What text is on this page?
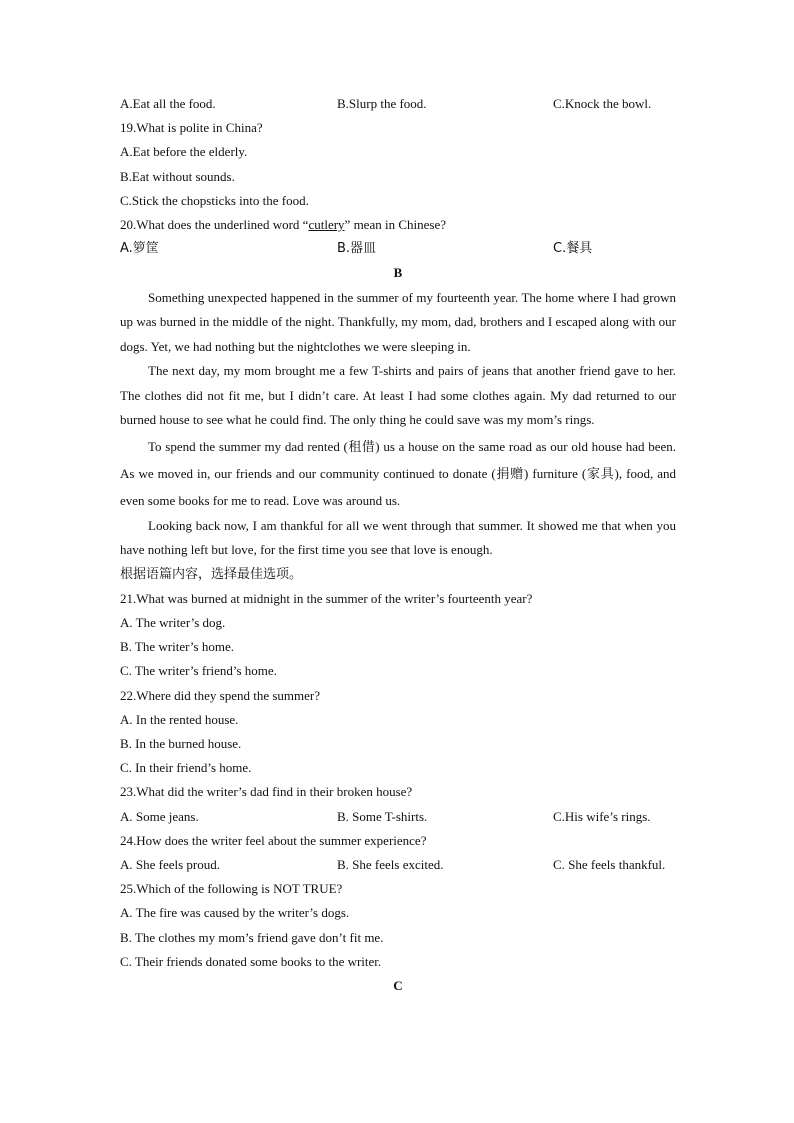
A.Eat all the food.	B.Slurp the food.	C.Knock the bowl.
19.What is polite in China?
A.Eat before the elderly.
B.Eat without sounds.
C.Stick the chopsticks into the food.
20.What does the underlined word “cutlery” mean in Chinese?
A.箩筐	B.器皿	C.餐具
B

Something unexpected happened in the summer of my fourteenth year. The home where I had grown up was burned in the middle of the night. Thankfully, my mom, dad, brothers and I escaped along with our dogs. Yet, we had nothing but the nightclothes we were sleeping in.

The next day, my mom brought me a few T-shirts and pairs of jeans that another friend gave to her. The clothes did not fit me, but I didn’t care. At least I had some clothes again. My dad returned to our burned house to see what he could find. The only thing he could save was my mom’s rings.

To spend the summer my dad rented (租借) us a house on the same road as our old house had been. As we moved in, our friends and our community continued to donate (捐赠) furniture (家具), food, and even some books for me to read. Love was around us.

Looking back now, I am thankful for all we went through that summer. It showed me that when you have nothing left but love, for the first time you see that love is enough.

根据语篇内容，选择最佳选项。
21.What was burned at midnight in the summer of the writer’s fourteenth year?
A. The writer’s dog.
B. The writer’s home.
C. The writer’s friend’s home.
22.Where did they spend the summer?
A. In the rented house.
B. In the burned house.
C. In their friend’s home.
23.What did the writer’s dad find in their broken house?
A. Some jeans.	B. Some T-shirts.	C.His wife’s rings.
24.How does the writer feel about the summer experience?
A. She feels proud.	B. She feels excited.	C. She feels thankful.
25.Which of the following is NOT TRUE?
A. The fire was caused by the writer’s dogs.
B. The clothes my mom’s friend gave don’t fit me.
C. Their friends donated some books to the writer.
C
